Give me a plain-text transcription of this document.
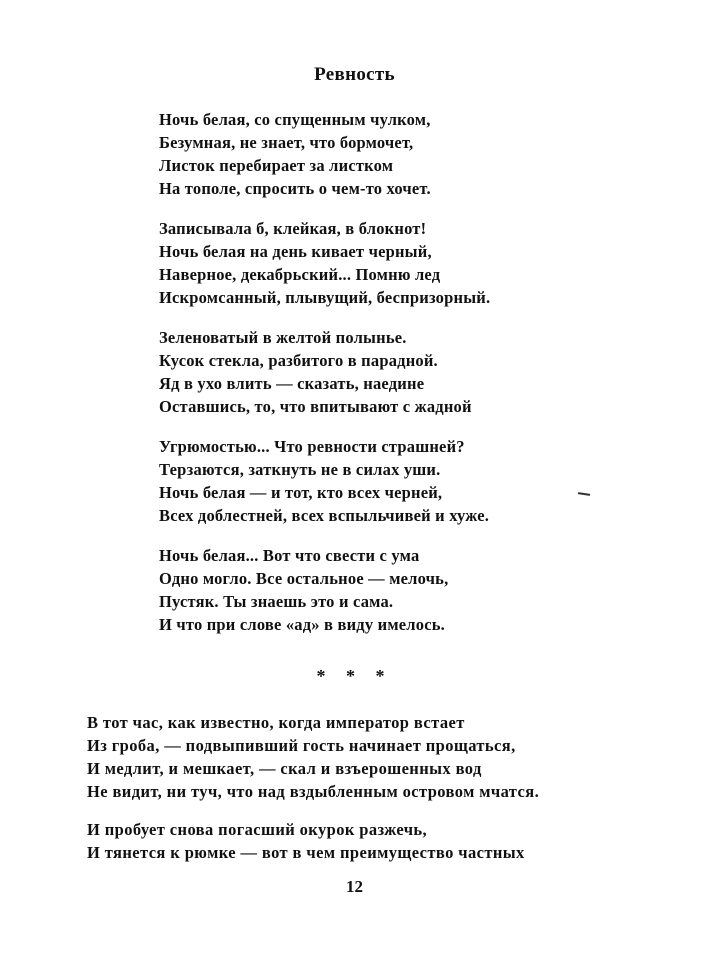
Ревность
Ночь белая, со спущенным чулком,
Безумная, не знает, что бормочет,
Листок перебирает за листком
На тополе, спросить о чем-то хочет.
Записывала б, клейкая, в блокнот!
Ночь белая на день кивает черный,
Наверное, декабрьский... Помню лед
Искромсанный, плывущий, беспризорный.
Зеленоватый в желтой полынье.
Кусок стекла, разбитого в парадной.
Яд в ухо влить — сказать, наедине
Оставшись, то, что впитывают с жадной
Угрюмостью... Что ревности страшней?
Терзаются, заткнуть не в силах уши.
Ночь белая — и тот, кто всех черней,
Всех доблестней, всех вспыльчивей и хуже.
Ночь белая... Вот что свести с ума
Одно могло. Все остальное — мелочь,
Пустяк. Ты знаешь это и сама.
И что при слове «ад» в виду имелось.
* * *
В тот час, как известно, когда император встает
Из гроба, — подвыпивший гость начинает прощаться,
И медлит, и мешкает, — скал и взъерошенных вод
Не видит, ни туч, что над вздыбленным островом мчатся.
И пробует снова погасший окурок разжечь,
И тянется к рюмке — вот в чем преимущество частных
12
